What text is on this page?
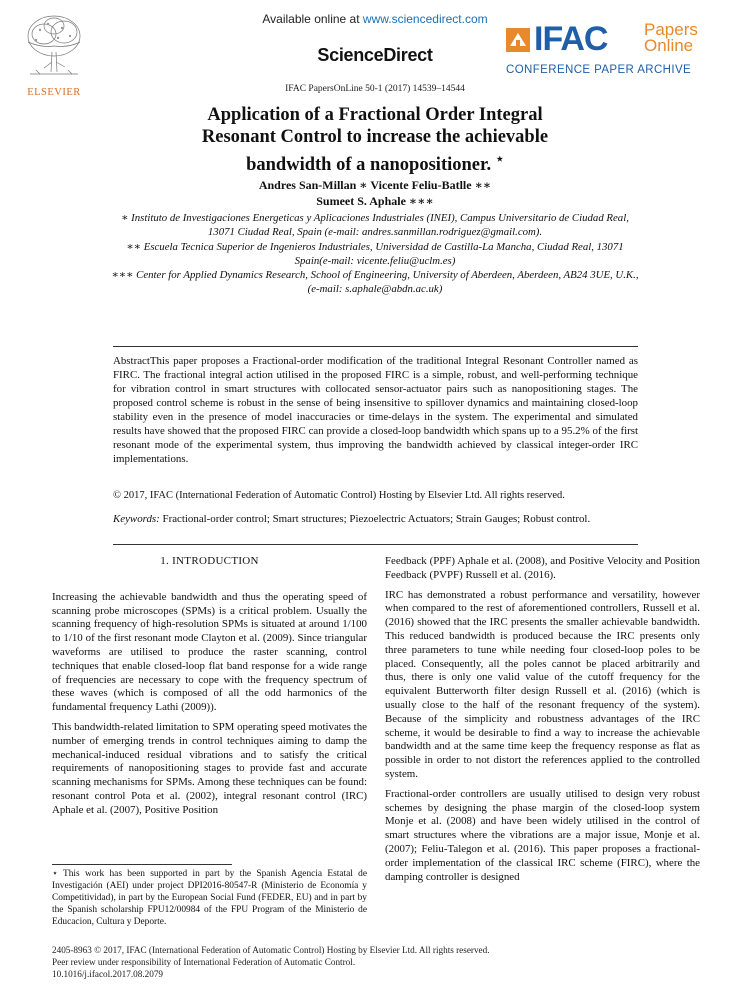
Available online at www.sciencedirect.com
ScienceDirect
IFAC PapersOnLine 50-1 (2017) 14539–14544
ELSEVIER
IFAC Papers
Online
CONFERENCE PAPER ARCHIVE
Application of a Fractional Order Integral
Resonant Control to increase the achievable
bandwidth of a nanopositioner. ⋆
Andres San-Millan ∗ Vicente Feliu-Batlle ∗∗
Sumeet S. Aphale ∗∗∗

∗ Instituto de Investigaciones Energeticas y Aplicaciones Industriales (INEI), Campus Universitario de Ciudad Real, 13071 Ciudad Real, Spain (e-mail: andres.sanmillan.rodriguez@gmail.com).

∗∗ Escuela Tecnica Superior de Ingenieros Industriales, Universidad de Castilla-La Mancha, Ciudad Real, 13071 Spain(e-mail: vicente.feliu@uclm.es)

∗∗∗ Center for Applied Dynamics Research, School of Engineering, University of Aberdeen, Aberdeen, AB24 3UE, U.K., (e-mail: s.aphale@abdn.ac.uk)

AbstractThis paper proposes a Fractional-order modification of the traditional Integral Resonant Controller named as FIRC. The fractional integral action utilised in the proposed FIRC is a simple, robust, and well-performing technique for vibration control in smart structures with collocated sensor-actuator pairs such as nanopositioning stages. The proposed control scheme is robust in the sense of being insensitive to spillover dynamics and maintaining closed-loop stability even in the presence of model inaccuracies or time-delays in the system. The experimental and simulated results have showed that the proposed FIRC can provide a closed-loop bandwidth which spans up to a 95.2% of the first resonant mode of the experimental system, thus improving the bandwidth achieved by classical integer-order IRC implementations.
© 2017, IFAC (International Federation of Automatic Control) Hosting by Elsevier Ltd. All rights reserved.
Keywords: Fractional-order control; Smart structures; Piezoelectric Actuators; Strain Gauges; Robust control.

1. INTRODUCTION

Increasing the achievable bandwidth and thus the operating speed of scanning probe microscopes (SPMs) is a critical problem. Usually the scanning frequency of high-resolution SPMs is situated at around 1/100 to 1/10 of the first resonant mode Clayton et al. (2009). Since triangular waveforms are utilised to produce the raster scanning, control techniques that enable closed-loop flat band response for a wide range of frequencies are necessary to cope with the frequency spectrum of these waves (which is composed of all the odd harmonics of the fundamental frequency Lathi (2009)).

This bandwidth-related limitation to SPM operating speed motivates the number of emerging trends in control techniques aiming to damp the mechanical-induced residual vibrations and to satisfy the critical requirements of nanopositioning stages to provide fast and accurate scanning mechanisms for SPMs. Among these techniques can be found: resonant control Pota et al. (2002), integral resonant control (IRC) Aphale et al. (2007), Positive Position

⋆ This work has been supported in part by the Spanish Agencia Estatal de Investigación (AEI) under project DPI2016-80547-R (Ministerio de Economía y Competitividad), in part by the European Social Fund (FEDER, EU) and in part by the Spanish scholarship FPU12/00984 of the FPU Program of the Ministerio de Educacion, Cultura y Deporte.

Feedback (PPF) Aphale et al. (2008), and Positive Velocity and Position Feedback (PVPF) Russell et al. (2016).

IRC has demonstrated a robust performance and versatility, however when compared to the rest of aforementioned controllers, Russell et al. (2016) showed that the IRC presents the smaller achievable bandwidth. This reduced bandwidth is produced because the IRC presents only three parameters to tune while needing four closed-loop poles to be placed. Consequently, all the poles cannot be placed arbitrarily and thus, there is only one valid value of the cutoff frequency for the equivalent Butterworth filter design Russell et al. (2016) (which is usually close to the half of the resonant frequency of the system). Because of the simplicity and robustness advantages of the IRC scheme, it would be desirable to find a way to increase the achievable bandwidth and at the same time keep the frequency response as flat as possible in order to not distort the references applied to the controlled system.

Fractional-order controllers are usually utilised to design very robust schemes by designing the phase margin of the closed-loop system Monje et al. (2008) and have been widely utilised in the control of smart structures where the vibrations are a major issue, Monje et al. (2007); Feliu-Talegon et al. (2016). This paper proposes a fractional-order implementation of the classical IRC scheme (FIRC), where the damping controller is designed

2405-8963 © 2017, IFAC (International Federation of Automatic Control) Hosting by Elsevier Ltd. All rights reserved.
Peer review under responsibility of International Federation of Automatic Control.
10.1016/j.ifacol.2017.08.2079
